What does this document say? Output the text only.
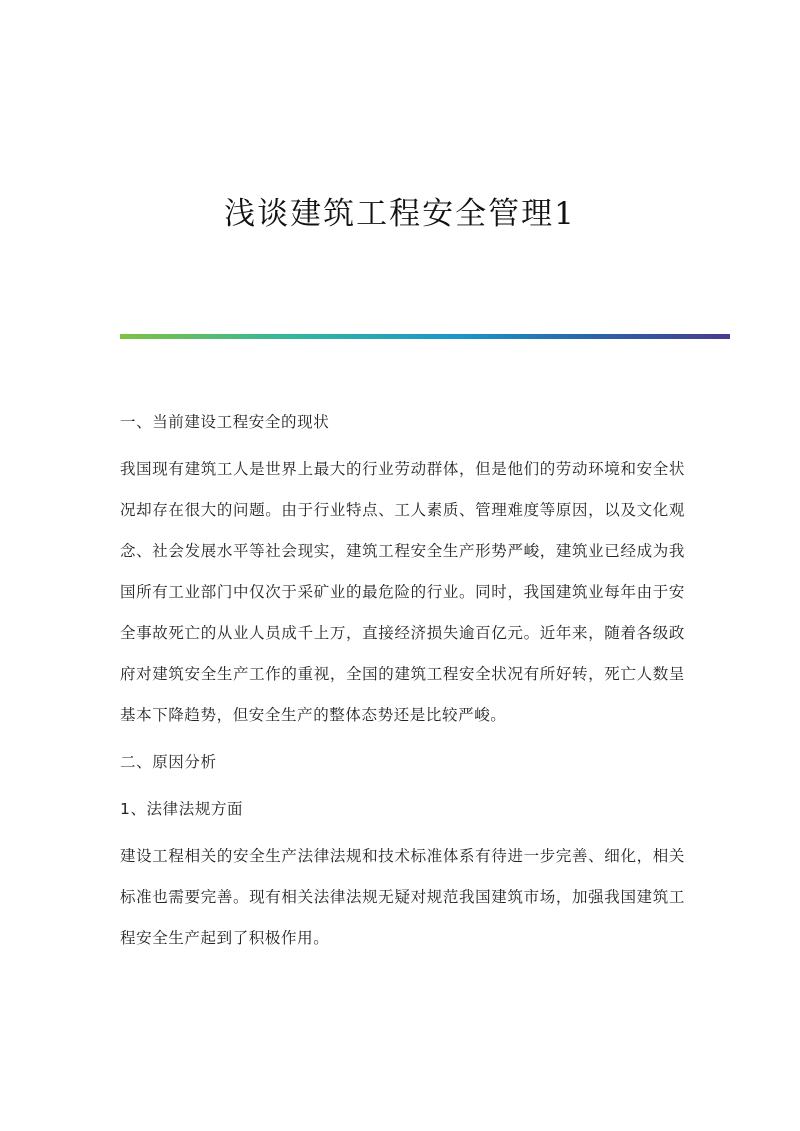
浅谈建筑工程安全管理1
一、当前建设工程安全的现状
我国现有建筑工人是世界上最大的行业劳动群体，但是他们的劳动环境和安全状况却存在很大的问题。由于行业特点、工人素质、管理难度等原因，以及文化观念、社会发展水平等社会现实，建筑工程安全生产形势严峻，建筑业已经成为我国所有工业部门中仅次于采矿业的最危险的行业。同时，我国建筑业每年由于安全事故死亡的从业人员成千上万，直接经济损失逾百亿元。近年来，随着各级政府对建筑安全生产工作的重视，全国的建筑工程安全状况有所好转，死亡人数呈基本下降趋势，但安全生产的整体态势还是比较严峻。
二、原因分析
1、法律法规方面
建设工程相关的安全生产法律法规和技术标准体系有待进一步完善、细化，相关标准也需要完善。现有相关法律法规无疑对规范我国建筑市场，加强我国建筑工程安全生产起到了积极作用。
